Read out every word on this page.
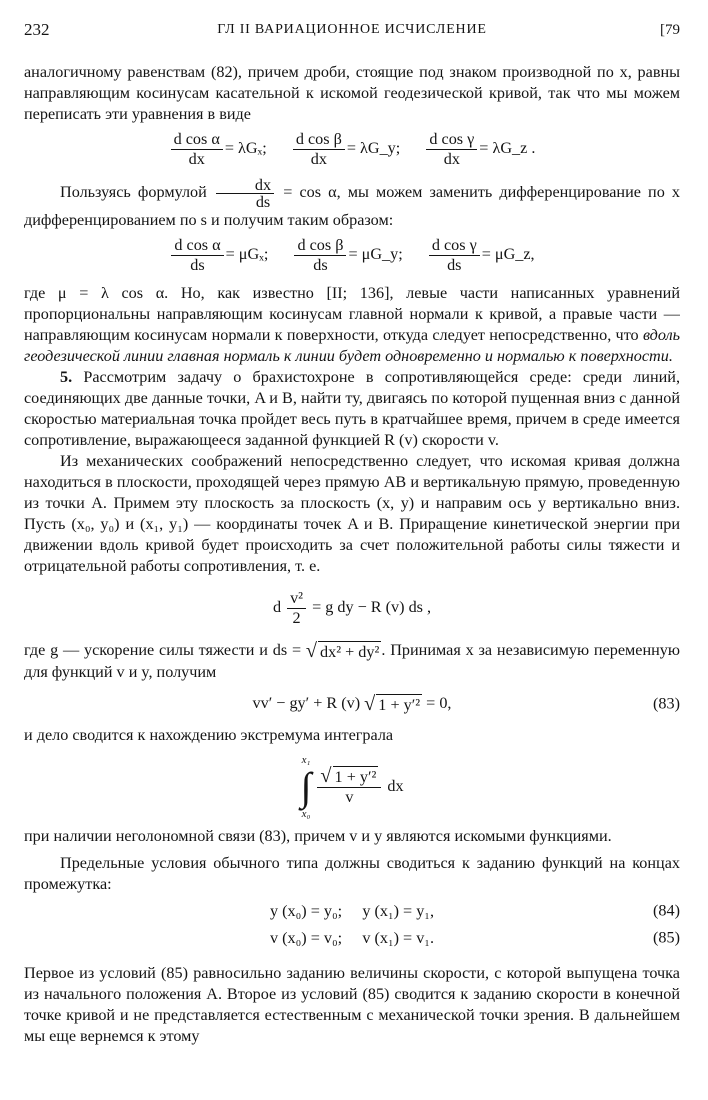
232	ГЛ II ВАРИАЦИОННОЕ ИСЧИСЛЕНИЕ	[79

аналогичному равенствам (82), причем дроби, стоящие под знаком производной по x, равны направляющим косинусам касательной к искомой геодезической кривой, так что мы можем переписать эти уравнения в виде

$\frac{\text{d cos α}}{dx} = \lambda G_x$; $\frac{\text{d cos β}}{dx}$ = λG_y; $\frac{\text{d cos γ}}{dx}$ = λG_z .

Пользуясь формулой $\frac{dx}{ds} = \cos \alpha$, мы можем заменить дифференцирование по x дифференцированием по s и получим таким образом:

$\frac{\text{d cos α}}{ds} = \mu G_x$; $\frac{\text{d cos β}}{ds}$ = μG_y; $\frac{\text{d cos γ}}{ds}$ = μG_z,

где μ = λ cos α. Но, как известно [II; 136], левые части написанных уравнений пропорциональны направляющим косинусам главной нормали к кривой, а правые части — направляющим косинусам нормали к поверхности, откуда следует непосредственно, что вдоль геодезической линии главная нормаль к линии будет одновременно и нормалью к поверхности.

5. Рассмотрим задачу о брахистохроне в сопротивляющейся среде: среди линий, соединяющих две данные точки, A и B, найти ту, двигаясь по которой пущенная вниз с данной скоростью материальная точка пройдет весь путь в кратчайшее время, причем в среде имеется сопротивление, выражающееся заданной функцией R (v) скорости v.

Из механических соображений непосредственно следует, что искомая кривая должна находиться в плоскости, проходящей через прямую AB и вертикальную прямую, проведенную из точки A. Примем эту плоскость за плоскость (x, y) и направим ось y вертикально вниз. Пусть (x₀, y₀) и (x₁, y₁) — координаты точек A и B. Приращение кинетической энергии при движении вдоль кривой будет происходить за счет положительной работы силы тяжести и отрицательной работы сопротивления, т. е.

d $\frac{\text{v²}}{2} = g$ dy − R (v) ds ,

где g — ускорение силы тяжести и ds = √ dx² + dy² . Принимая x за независимую переменную для функций v и y, получим

vv′ − gy′ + R (v) √ 1 + y′² = 0,	(83)

и дело сводится к нахождению экстремума интеграла

x₁
∫
x₀
$\frac{\text{√ 1 + y′²}}{v}$ dx

при наличии неголономной связи (83), причем v и y являются искомыми функциями.

Предельные условия обычного типа должны сводиться к заданию функций на концах промежутка:

y (x₀) = y₀;     y (x₁) = y₁,	(84)
v (x₀) = v₀;     v (x₁) = v₁.	(85)

Первое из условий (85) равносильно заданию величины скорости, с которой выпущена точка из начального положения A. Второе из условий (85) сводится к заданию скорости в конечной точке кривой и не представляется естественным с механической точки зрения. В дальнейшем мы еще вернемся к этому
